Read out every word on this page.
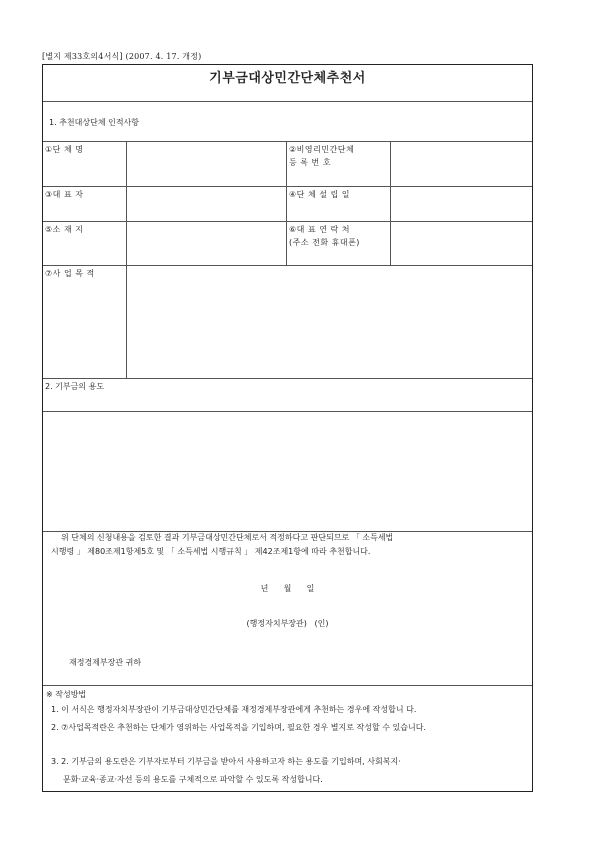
[별지 제33호의4서식] (2007. 4. 17. 개정)
기부금대상민간단체추천서
1. 추천대상단체 인적사항
①단 체 명	②비영리민간단체
등 록 번 호
③대 표 자	④단 체 설 립 일
⑤소 재 지	⑥대 표 연 락 처
(주소 전화 휴대폰)
⑦사 업 목 적
2. 기부금의 용도
위 단체의 신청내용을 검토한 결과 기부금대상민간단체로서 적정하다고 판단되므로 「 소득세법
시행령 」 제80조제1항제5호 및 「 소득세법 시행규칙 」 제42조제1항에 따라 추천합니다.
년      월      일
(행정자치부장관)   (인)
재정경제부장관 귀하
※ 작성방법
1. 이 서식은 행정자치부장관이 기부금대상민간단체를 재정경제부장관에게 추천하는 경우에 작성합니 다.
2. ⑦사업목적란은 추천하는 단체가 영위하는 사업목적을 기입하며, 필요한 경우 별지로 작성할 수 있습니다.
3. 2. 기부금의 용도란은 기부자로부터 기부금을 받아서 사용하고자 하는 용도를 기입하며, 사회복지·
문화·교육·종교·자선 등의 용도를 구체적으로 파악할 수 있도록 작성합니다.
